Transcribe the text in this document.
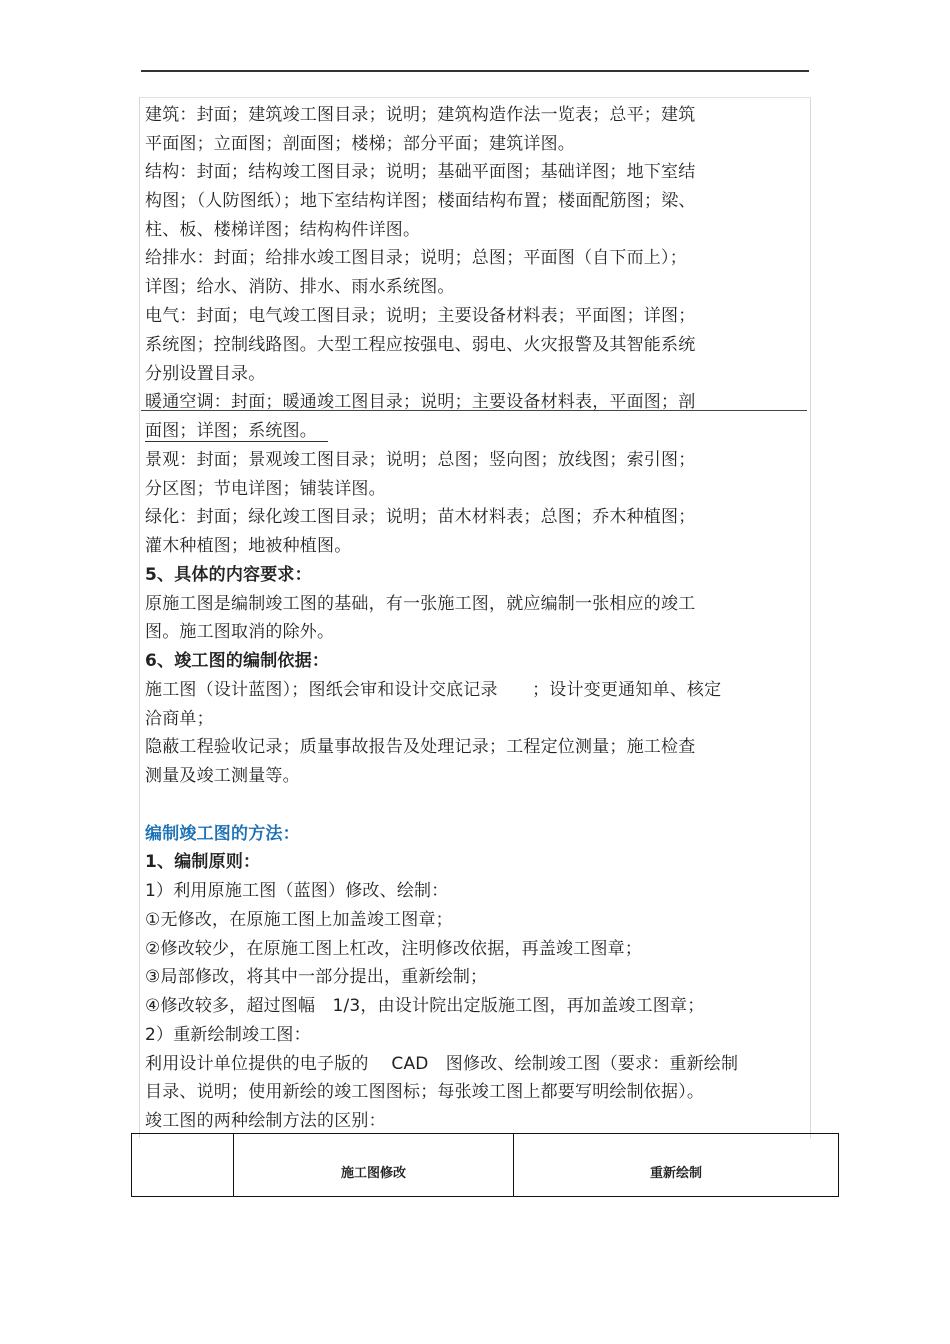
建筑：封面；建筑竣工图目录；说明；建筑构造作法一览表；总平；建筑
平面图；立面图；剖面图；楼梯；部分平面；建筑详图。
结构：封面；结构竣工图目录；说明；基础平面图；基础详图；地下室结
构图；（人防图纸）；地下室结构详图；楼面结构布置；楼面配筋图；梁、
柱、板、楼梯详图；结构构件详图。
给排水：封面；给排水竣工图目录；说明；总图；平面图（自下而上）；
详图；给水、消防、排水、雨水系统图。
电气：封面；电气竣工图目录；说明；主要设备材料表；平面图；详图；
系统图；控制线路图。大型工程应按强电、弱电、火灾报警及其智能系统
分别设置目录。
暖通空调：封面；暖通竣工图目录；说明；主要设备材料表，平面图；剖
面图；详图；系统图。
景观：封面；景观竣工图目录；说明；总图；竖向图；放线图；索引图；
分区图；节电详图；铺装详图。
绿化：封面；绿化竣工图目录；说明；苗木材料表；总图；乔木种植图；
灌木种植图；地被种植图。
5、具体的内容要求：
原施工图是编制竣工图的基础，有一张施工图，就应编制一张相应的竣工
图。施工图取消的除外。
6、竣工图的编制依据：
施工图（设计蓝图）；图纸会审和设计交底记录　　；设计变更通知单、核定
洽商单；
隐蔽工程验收记录；质量事故报告及处理记录；工程定位测量；施工检查
测量及竣工测量等。
编制竣工图的方法：
1、编制原则：
1）利用原施工图（蓝图）修改、绘制：
①无修改，在原施工图上加盖竣工图章；
②修改较少，在原施工图上杠改，注明修改依据，再盖竣工图章；
③局部修改，将其中一部分提出，重新绘制；
④修改较多，超过图幅　1/3，由设计院出定版施工图，再加盖竣工图章；
2）重新绘制竣工图：
利用设计单位提供的电子版的　 CAD　图修改、绘制竣工图（要求：重新绘制
目录、说明；使用新绘的竣工图图标；每张竣工图上都要写明绘制依据）。
竣工图的两种绘制方法的区别：
	施工图修改	重新绘制
